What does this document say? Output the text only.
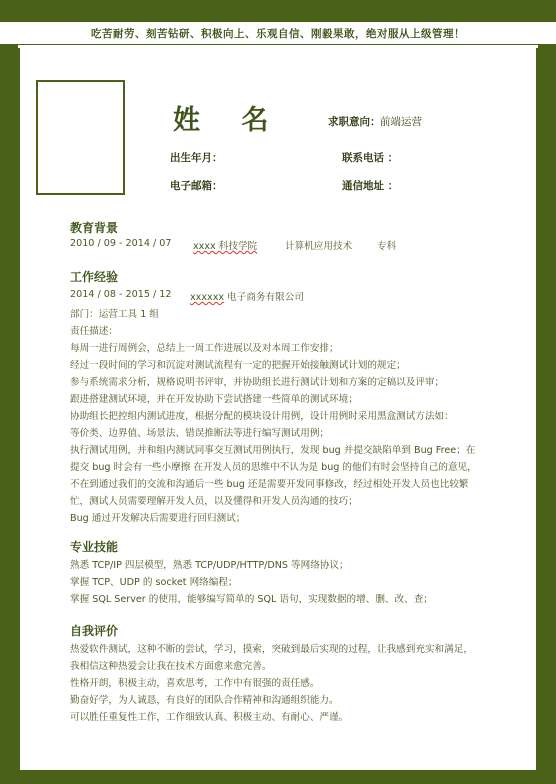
吃苦耐劳、刻苦钻研、积极向上、乐观自信、刚毅果敢，绝对服从上级管理！
姓 名	求职意向： 前端运营
出生年月：	联系电话 ：
电子邮箱：	通信地址 ：
教育背景
2010 / 09 - 2014 / 07 xxxx 科技学院	计算机应用技术	专科
工作经验
2014 / 08 - 2015 / 12 xxxxxx 电子商务有限公司
部门：运营工具 1 组
责任描述：
每周一进行周例会，总结上一周工作进展以及对本周工作安排；
经过一段时间的学习和沉淀对测试流程有一定的把握开始接触测试计划的规定；
参与系统需求分析，规格说明书评审，并协助组长进行测试计划和方案的定稿以及评审；
跟进搭建测试环境，并在开发协助下尝试搭建一些简单的测试环境；
协助组长把控组内测试进度，根据分配的模块设计用例，设计用例时采用黑盒测试方法如：
等价类、边界值、场景法、错误推断法等进行编写测试用例；
执行测试用例，并和组内测试同事交互测试用例执行，发现 bug 并提交缺陷单到 Bug Free；在
提交 bug 时会有一些小摩擦 在开发人员的思维中不认为是 bug 的他们有时会坚持自己的意见，
不在到通过我们的交流和沟通后一些 bug 还是需要开发同事修改，经过相处开发人员也比较繁
忙，测试人员需要理解开发人员，以及懂得和开发人员沟通的技巧；
Bug 通过开发解决后需要进行回归测试；
专业技能
熟悉 TCP/IP 四层模型，熟悉 TCP/UDP/HTTP/DNS 等网络协议；
掌握 TCP、UDP 的 socket 网络编程；
掌握 SQL Server 的使用，能够编写简单的 SQL 语句，实现数据的增、删、改、查；
自我评价
热爱软件测试，这种不断的尝试，学习，摸索，突破到最后实现的过程，让我感到充实和满足，
我相信这种热爱会让我在技术方面愈来愈完善。
性格开朗，积极主动，喜欢思考，工作中有很强的责任感。
勤奋好学，为人诚恳，有良好的团队合作精神和沟通组织能力。
可以胜任重复性工作，工作细致认真、积极主动、有耐心、严谨。
